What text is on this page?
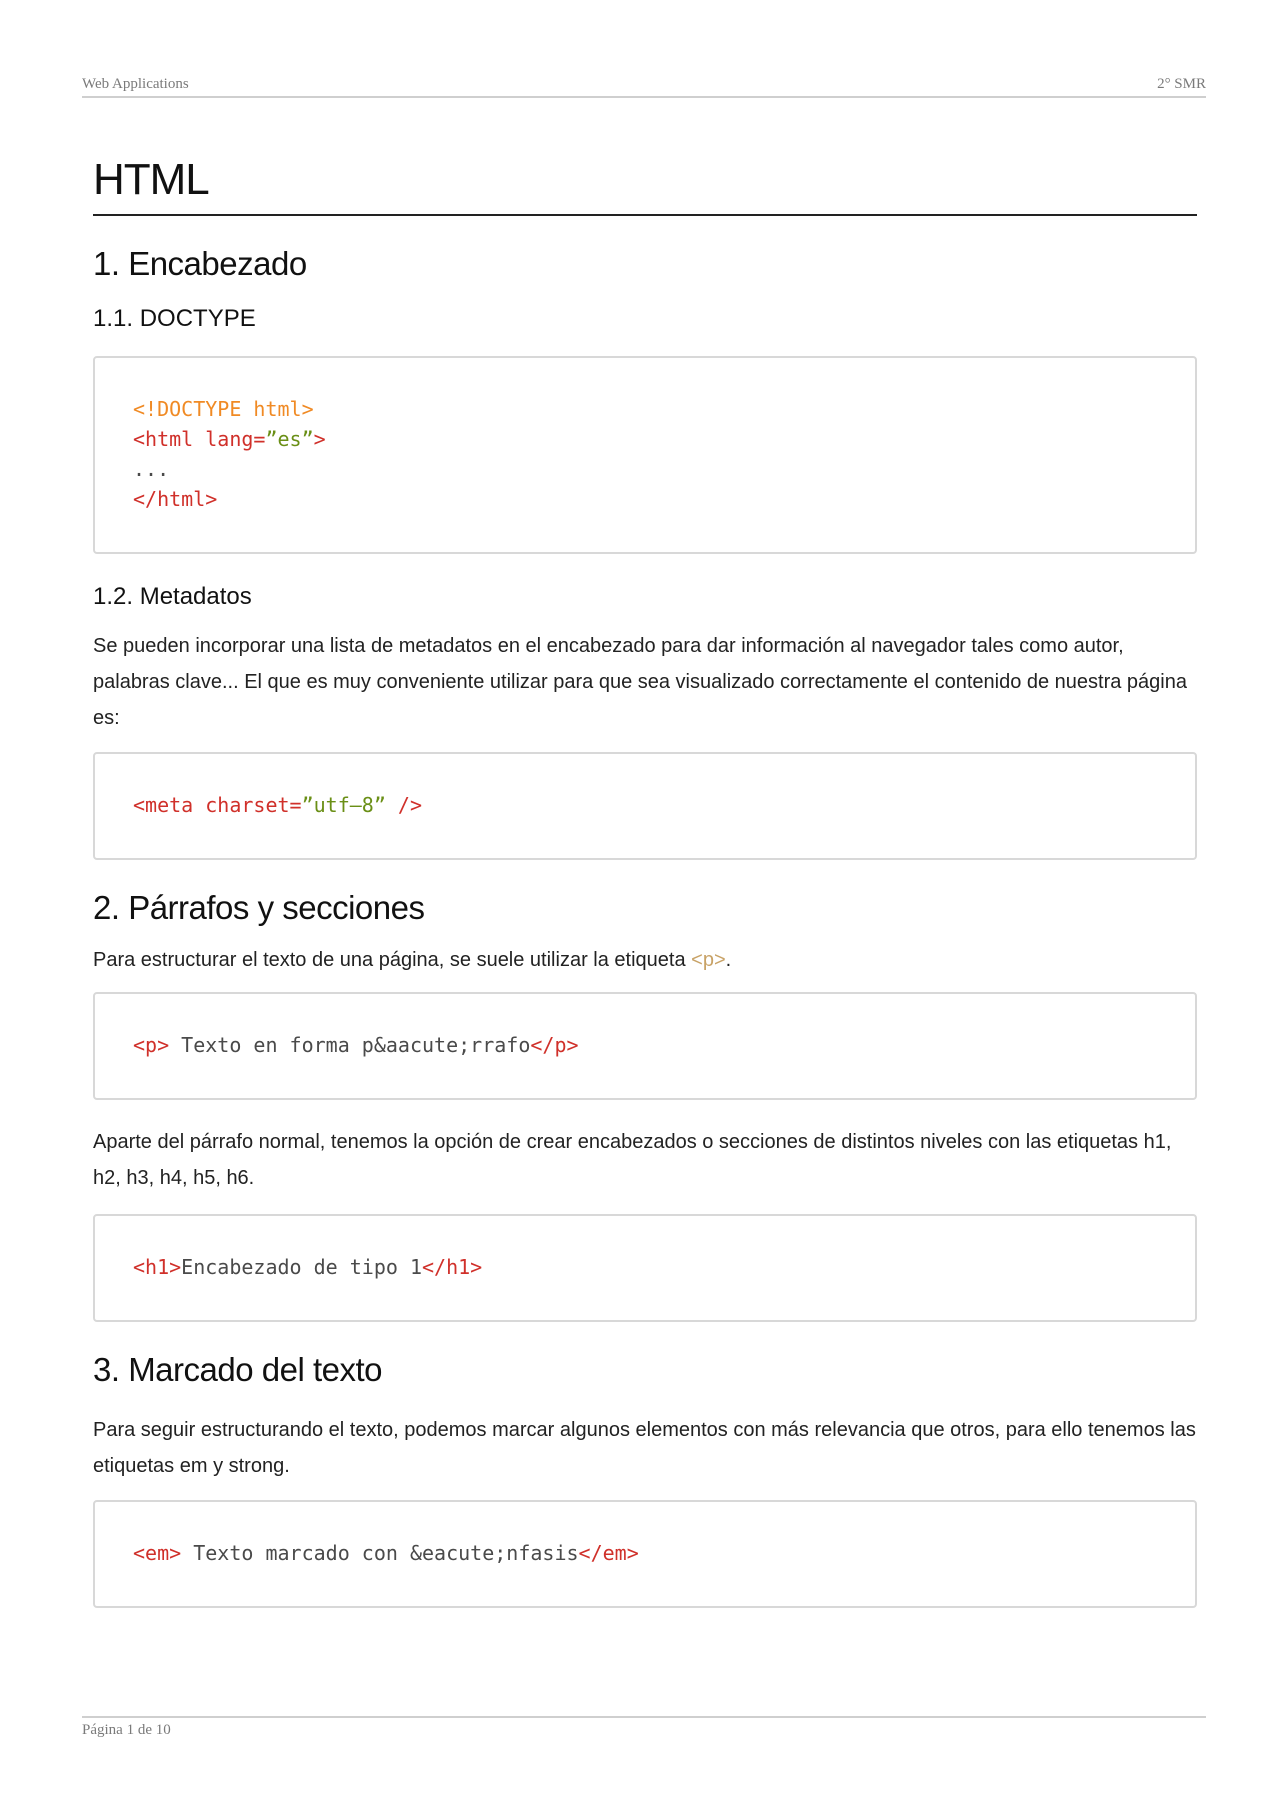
Web Applications	2° SMR
HTML
1. Encabezado
1.1. DOCTYPE
<!DOCTYPE html>
<html lang=”es”>
...
</html>
1.2. Metadatos

Se pueden incorporar una lista de metadatos en el encabezado para dar información al navegador tales como autor, palabras clave... El que es muy conveniente utilizar para que sea visualizado correctamente el contenido de nuestra página es:

<meta charset=”utf–8” />
2. Párrafos y secciones

Para estructurar el texto de una página, se suele utilizar la etiqueta <p>.

<p> Texto en forma p&aacute;rrafo</p>

Aparte del párrafo normal, tenemos la opción de crear encabezados o secciones de distintos niveles con las etiquetas h1, h2, h3, h4, h5, h6.

<h1>Encabezado de tipo 1</h1>
3. Marcado del texto

Para seguir estructurando el texto, podemos marcar algunos elementos con más relevancia que otros, para ello tenemos las etiquetas em y strong.

<em> Texto marcado con &eacute;nfasis</em>
Página 1 de 10
